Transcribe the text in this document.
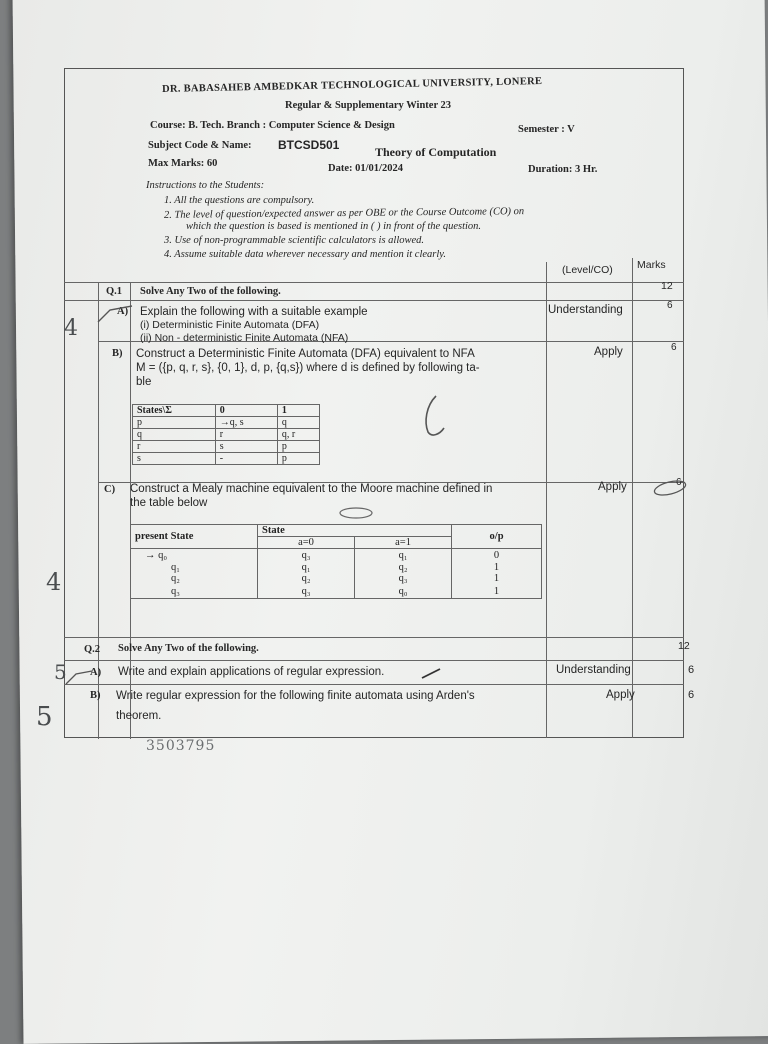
DR. BABASAHEB AMBEDKAR TECHNOLOGICAL UNIVERSITY, LONERE
Regular & Supplementary Winter 23
Course: B. Tech. Branch : Computer Science & Design	Semester : V
Subject Code & Name: BTCSD501	Theory of Computation
Max Marks: 60	Date: 01/01/2024	Duration: 3 Hr.
Instructions to the Students:
1. All the questions are compulsory.
2. The level of question/expected answer as per OBE or the Course Outcome (CO) on
which the question is based is mentioned in ( ) in front of the question.
3. Use of non-programmable scientific calculators is allowed.
4. Assume suitable data wherever necessary and mention it clearly.
(Level/CO) Marks
Q.1 Solve Any Two of the following.	12
A) Explain the following with a suitable example
(i) Deterministic Finite Automata (DFA)
(ii) Non - deterministic Finite Automata (NFA)
Understanding	6
B) Construct a Deterministic Finite Automata (DFA) equivalent to NFA
M = ({p, q, r, s}, {0, 1}, d, p, {q,s}) where d is defined by following ta-
ble
Apply	6
States\Σ	0	1
p	→q, s	q
q	r	q, r
r	s	p
s	-	p
C) Construct a Mealy machine equivalent to the Moore machine defined in
the table below
Apply	6
present State	State		o/p
	a=0	a=1	
→ q₀	q₃	q₁	0
q₁	q₁	q₂	1
q₂	q₂	q₃	1
q₃	q₃	q₀	1
Q.2 Solve Any Two of the following.	12
A) Write and explain applications of regular expression.	Understanding	6
B) Write regular expression for the following finite automata using Arden's
theorem.
Apply	6
4
4
5
5
3503795
